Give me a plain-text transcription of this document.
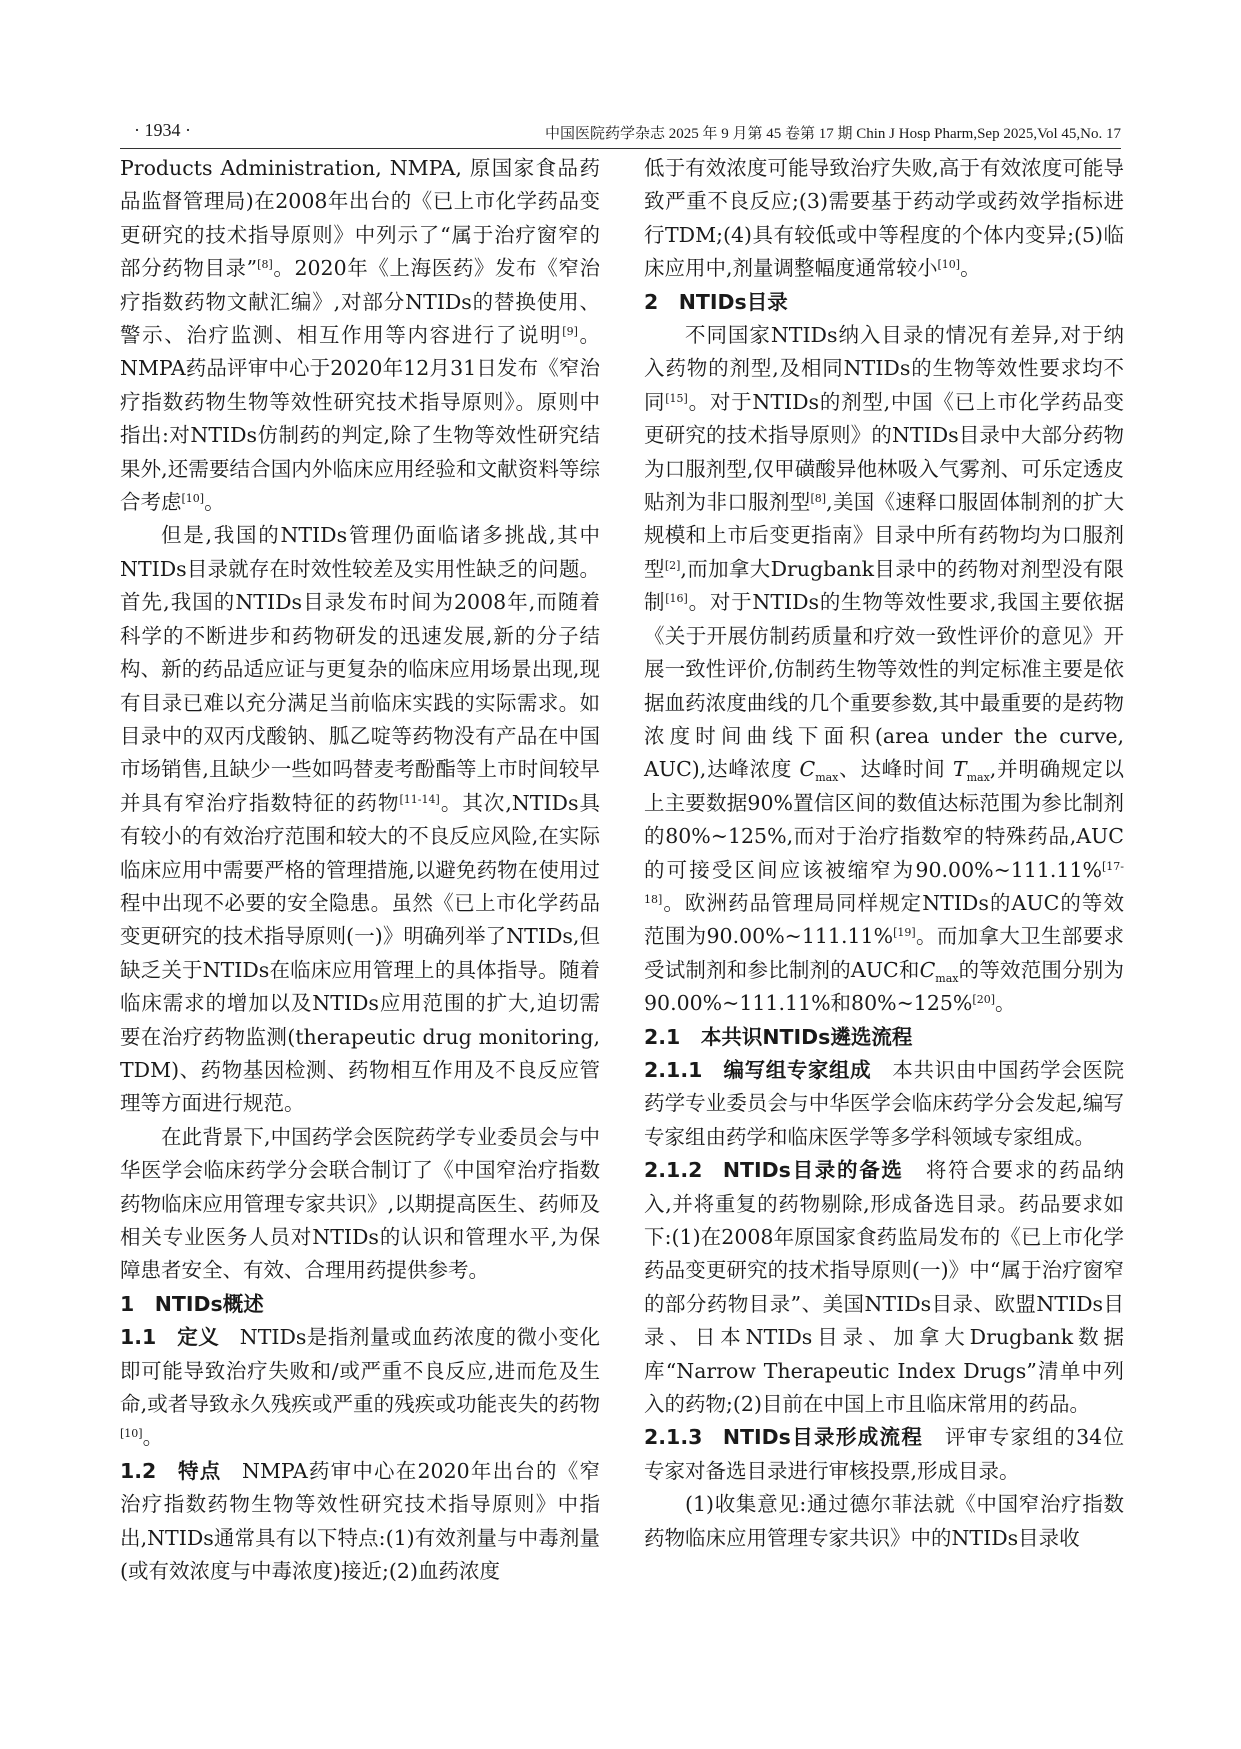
· 1934 ·	中国医院药学杂志 2025 年 9 月第 45 卷第 17 期 Chin J Hosp Pharm,Sep 2025,Vol 45,No. 17

Products Administration, NMPA, 原国家食品药品监督管理局)在2008年出台的《已上市化学药品变更研究的技术指导原则》中列示了“属于治疗窗窄的部分药物目录”[8]。2020年《上海医药》发布《窄治疗指数药物文献汇编》,对部分NTIDs的替换使用、警示、治疗监测、相互作用等内容进行了说明[9]。NMPA药品评审中心于2020年12月31日发布《窄治疗指数药物生物等效性研究技术指导原则》。原则中指出:对NTIDs仿制药的判定,除了生物等效性研究结果外,还需要结合国内外临床应用经验和文献资料等综合考虑[10]。

但是,我国的NTIDs管理仍面临诸多挑战,其中NTIDs目录就存在时效性较差及实用性缺乏的问题。首先,我国的NTIDs目录发布时间为2008年,而随着科学的不断进步和药物研发的迅速发展,新的分子结构、新的药品适应证与更复杂的临床应用场景出现,现有目录已难以充分满足当前临床实践的实际需求。如目录中的双丙戊酸钠、胍乙啶等药物没有产品在中国市场销售,且缺少一些如吗替麦考酚酯等上市时间较早并具有窄治疗指数特征的药物[11-14]。其次,NTIDs具有较小的有效治疗范围和较大的不良反应风险,在实际临床应用中需要严格的管理措施,以避免药物在使用过程中出现不必要的安全隐患。虽然《已上市化学药品变更研究的技术指导原则(一)》明确列举了NTIDs,但缺乏关于NTIDs在临床应用管理上的具体指导。随着临床需求的增加以及NTIDs应用范围的扩大,迫切需要在治疗药物监测(therapeutic drug monitoring, TDM)、药物基因检测、药物相互作用及不良反应管理等方面进行规范。

在此背景下,中国药学会医院药学专业委员会与中华医学会临床药学分会联合制订了《中国窄治疗指数药物临床应用管理专家共识》,以期提高医生、药师及相关专业医务人员对NTIDs的认识和管理水平,为保障患者安全、有效、合理用药提供参考。

1 NTIDs概述

1.1 定义 NTIDs是指剂量或血药浓度的微小变化即可能导致治疗失败和/或严重不良反应,进而危及生命,或者导致永久残疾或严重的残疾或功能丧失的药物[10]。

1.2 特点 NMPA药审中心在2020年出台的《窄治疗指数药物生物等效性研究技术指导原则》中指出,NTIDs通常具有以下特点:(1)有效剂量与中毒剂量(或有效浓度与中毒浓度)接近;(2)血药浓度

低于有效浓度可能导致治疗失败,高于有效浓度可能导致严重不良反应;(3)需要基于药动学或药效学指标进行TDM;(4)具有较低或中等程度的个体内变异;(5)临床应用中,剂量调整幅度通常较小[10]。

2 NTIDs目录

不同国家NTIDs纳入目录的情况有差异,对于纳入药物的剂型,及相同NTIDs的生物等效性要求均不同[15]。对于NTIDs的剂型,中国《已上市化学药品变更研究的技术指导原则》的NTIDs目录中大部分药物为口服剂型,仅甲磺酸异他林吸入气雾剂、可乐定透皮贴剂为非口服剂型[8],美国《速释口服固体制剂的扩大规模和上市后变更指南》目录中所有药物均为口服剂型[2],而加拿大Drugbank目录中的药物对剂型没有限制[16]。对于NTIDs的生物等效性要求,我国主要依据《关于开展仿制药质量和疗效一致性评价的意见》开展一致性评价,仿制药生物等效性的判定标准主要是依据血药浓度曲线的几个重要参数,其中最重要的是药物浓度时间曲线下面积(area under the curve, AUC),达峰浓度 $C_{max}$、达峰时间 $T_{max}$,并明确规定以上主要数据90%置信区间的数值达标范围为参比制剂的80%~125%,而对于治疗指数窄的特殊药品,AUC的可接受区间应该被缩窄为90.00%~111.11%[17-18]。欧洲药品管理局同样规定NTIDs的AUC的等效范围为90.00%~111.11%[19]。而加拿大卫生部要求受试制剂和参比制剂的AUC和$C_{max}$的等效范围分别为90.00%~111.11%和80%~125%[20]。

2.1 本共识NTIDs遴选流程

2.1.1 编写组专家组成 本共识由中国药学会医院药学专业委员会与中华医学会临床药学分会发起,编写专家组由药学和临床医学等多学科领域专家组成。

2.1.2 NTIDs目录的备选 将符合要求的药品纳入,并将重复的药物剔除,形成备选目录。药品要求如下:(1)在2008年原国家食药监局发布的《已上市化学药品变更研究的技术指导原则(一)》中“属于治疗窗窄的部分药物目录”、美国NTIDs目录、欧盟NTIDs目录、日本NTIDs目录、加拿大Drugbank数据库“Narrow Therapeutic Index Drugs”清单中列入的药物;(2)目前在中国上市且临床常用的药品。

2.1.3 NTIDs目录形成流程 评审专家组的34位专家对备选目录进行审核投票,形成目录。

(1)收集意见:通过德尔菲法就《中国窄治疗指数药物临床应用管理专家共识》中的NTIDs目录收
